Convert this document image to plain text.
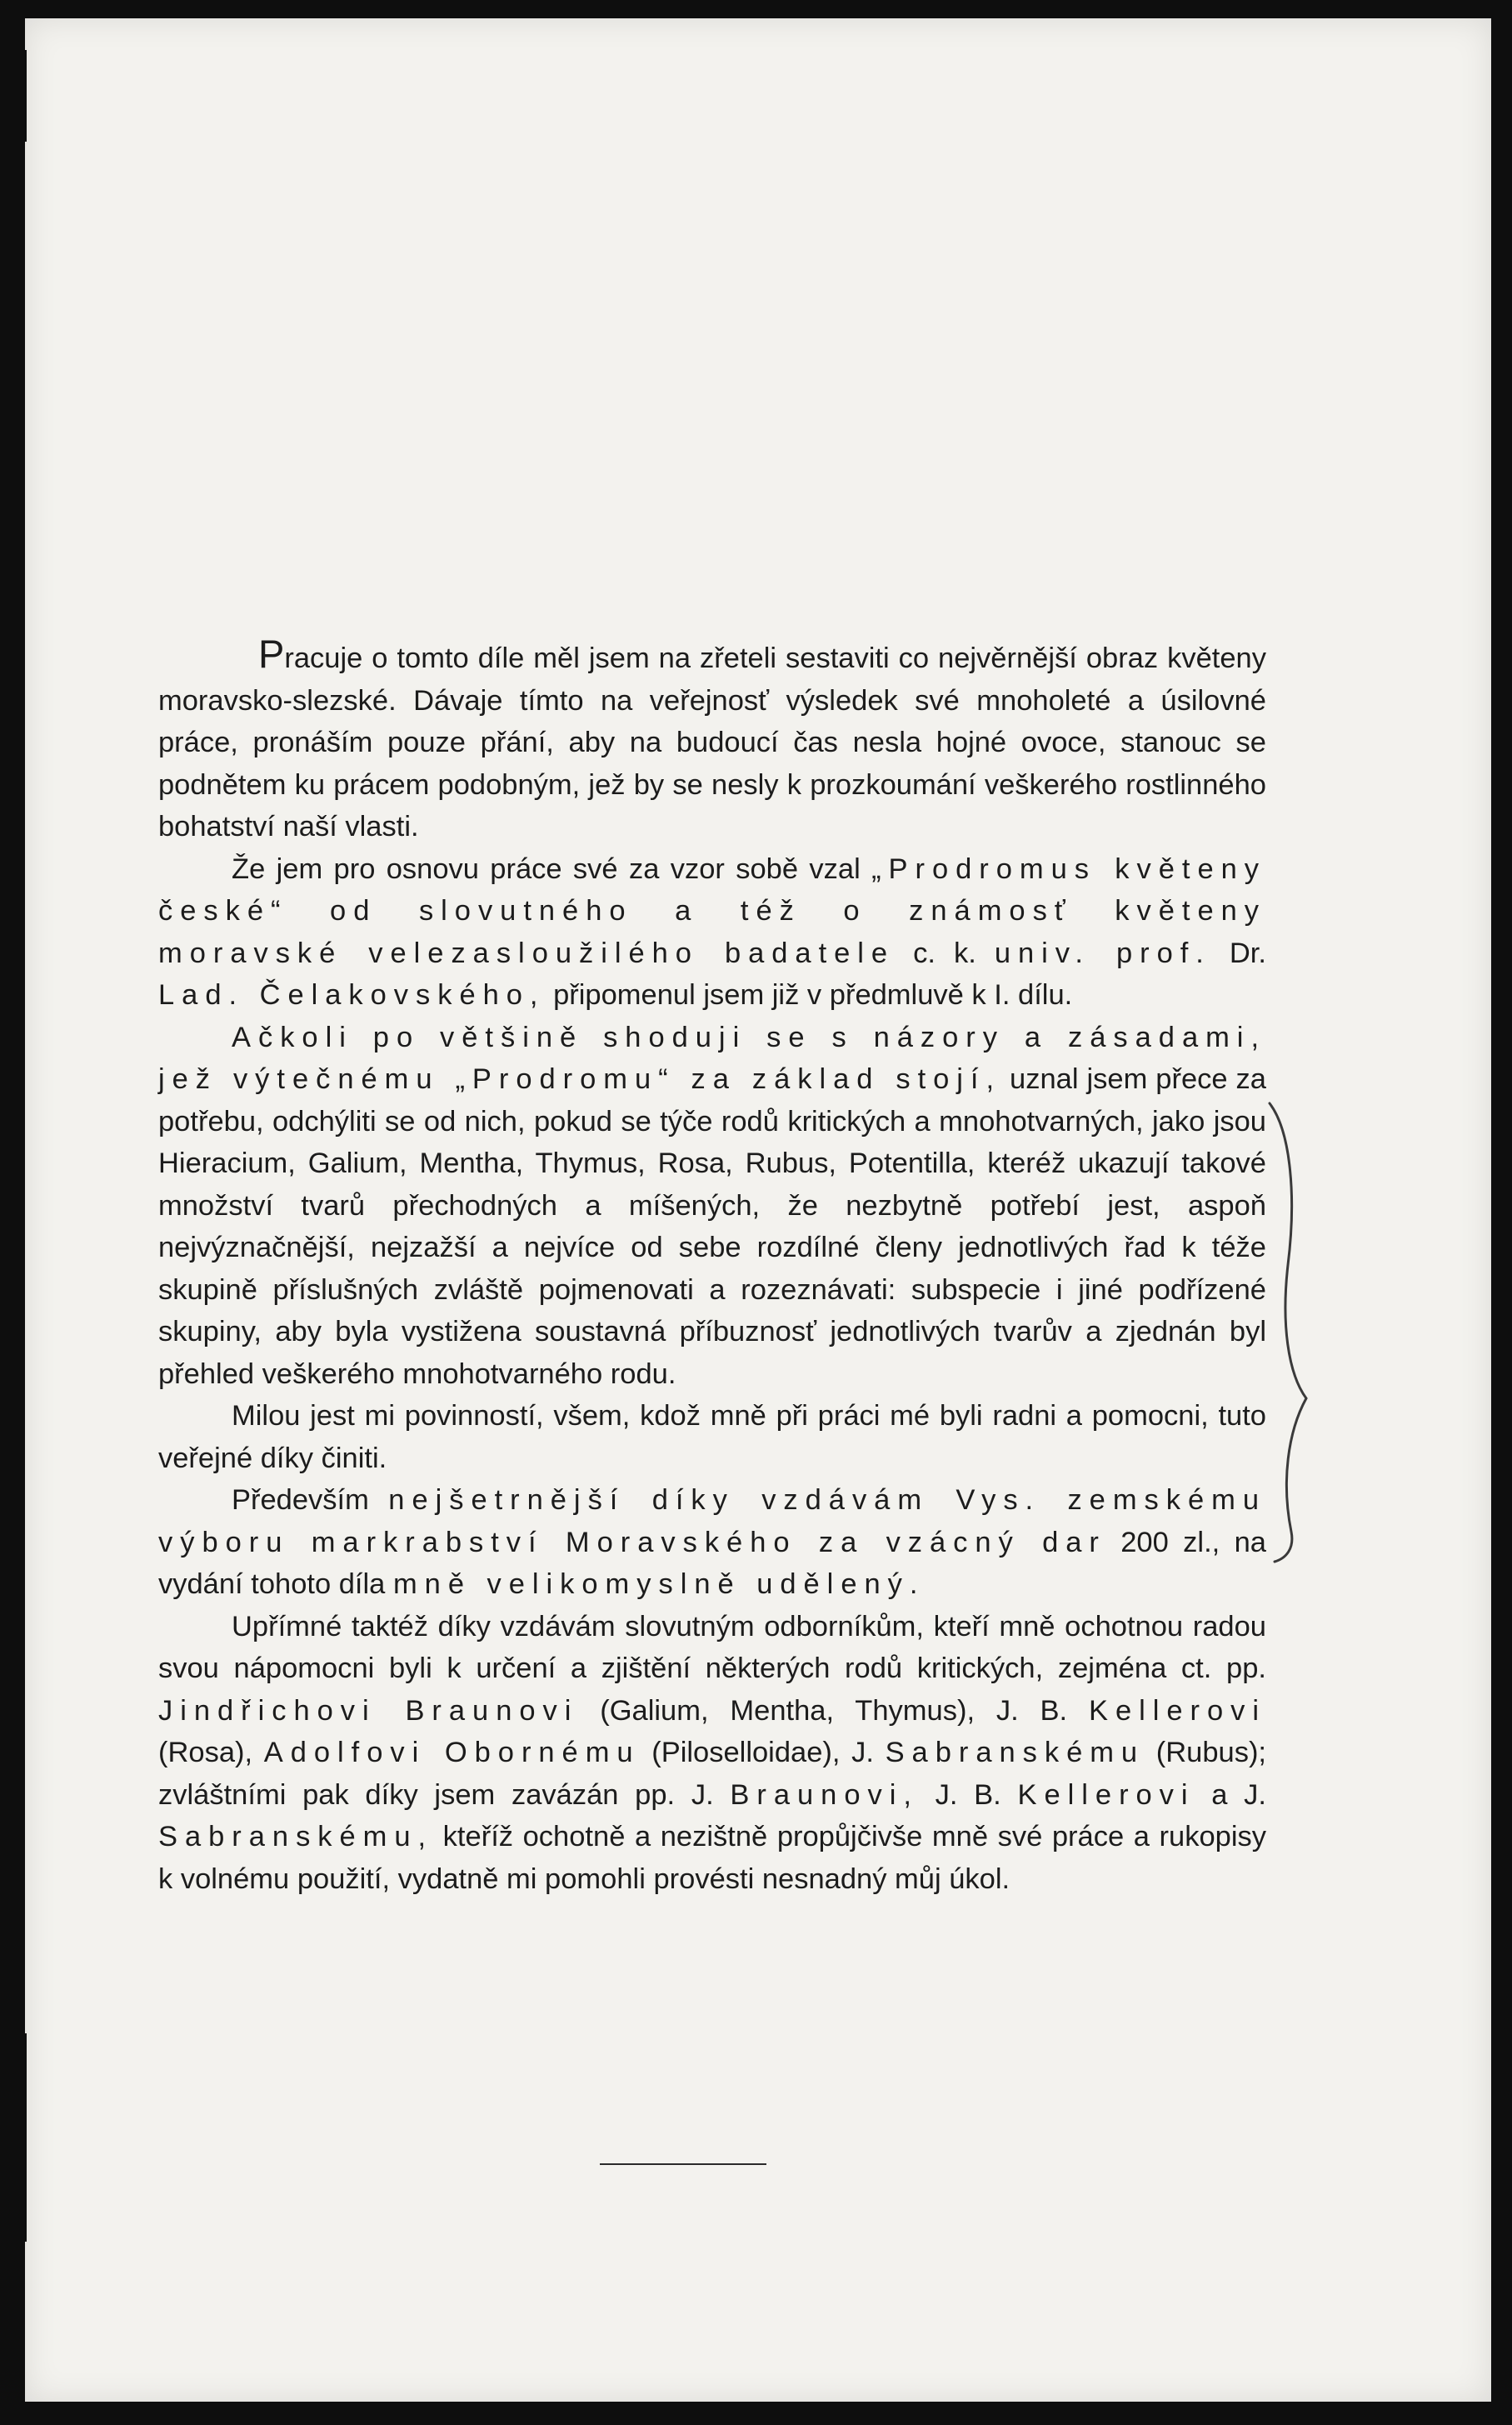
Pracuje o tomto díle měl jsem na zřeteli sestaviti co nejvěrnější obraz květeny moravsko-slezské. Dávaje tímto na veřejnosť výsledek své mnoholeté a úsilovné práce, pronáším pouze přání, aby na budoucí čas nesla hojné ovoce, stanouc se podnětem ku prácem podobným, jež by se nesly k prozkoumání veškerého rostlinného bohatství naší vlasti.

Že jem pro osnovu práce své za vzor sobě vzal „Prodromus květeny české“ od slovutného a též o známosť květeny moravské velezasloužilého badatele c. k. univ. prof. Dr. Lad. Čelakovského, připomenul jsem již v předmluvě k I. dílu.

Ačkoli po většině shoduji se s názory a zásadami, jež výtečnému „Prodromu“ za základ stojí, uznal jsem přece za potřebu, odchýliti se od nich, pokud se týče rodů kritických a mnohotvarných, jako jsou Hieracium, Galium, Mentha, Thymus, Rosa, Rubus, Potentilla, kteréž ukazují takové množství tvarů přechodných a míšených, že nezbytně potřebí jest, aspoň nejvýznačnější, nejzažší a nejvíce od sebe rozdílné členy jednotlivých řad k téže skupině příslušných zvláště pojmenovati a rozeznávati: subspecie i jiné podřízené skupiny, aby byla vystižena soustavná příbuznosť jednotlivých tvarův a zjednán byl přehled veškerého mnohotvarného rodu.

Milou jest mi povinností, všem, kdož mně při práci mé byli radni a pomocni, tuto veřejné díky činiti.

Především nejšetrnější díky vzdávám Vys. zemskému výboru markrabství Moravského za vzácný dar 200 zl., na vydání tohoto díla mně velikomyslně udělený.

Upřímné taktéž díky vzdávám slovutným odborníkům, kteří mně ochotnou radou svou nápomocni byli k určení a zjištění některých rodů kritických, zejména ct. pp. Jindřichovi Braunovi (Galium, Mentha, Thymus), J. B. Kellerovi (Rosa), Adolfovi Obornému (Piloselloidae), J. Sabranskému (Rubus); zvláštními pak díky jsem zavázán pp. J. Braunovi, J. B. Kellerovi a J. Sabranskému, kteříž ochotně a nezištně propůjčivše mně své práce a rukopisy k volnému použití, vydatně mi pomohli provésti nesnadný můj úkol.
